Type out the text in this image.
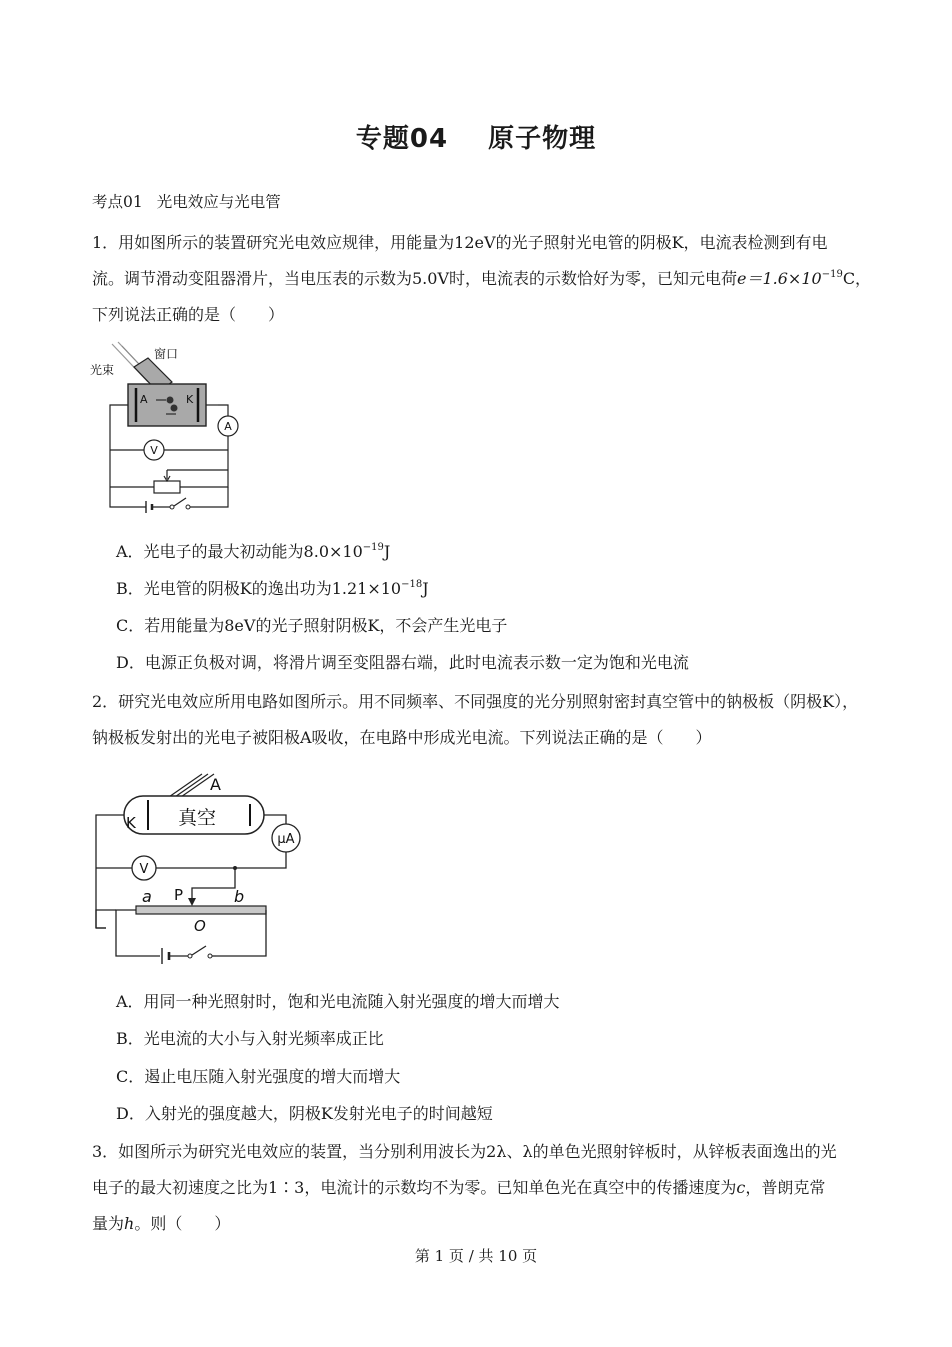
专题04 原子物理
考点01 光电效应与光电管
1．用如图所示的装置研究光电效应规律，用能量为12eV的光子照射光电管的阴极K，电流表检测到有电
流。调节滑动变阻器滑片，当电压表的示数为5.0V时，电流表的示数恰好为零，已知元电荷$e=1.6\times 10^{-19}C$，
下列说法正确的是（　　）
A	K
A
V
光束
窗口
A．光电子的最大初动能为$8.0\times 10^{-19}J$
B．光电管的阴极K的逸出功为$1.21\times 10^{-18}J$
C．若用能量为8eV的光子照射阴极K，不会产生光电子
D．电源正负极对调，将滑片调至变阻器右端，此时电流表示数一定为饱和光电流
2．研究光电效应所用电路如图所示。用不同频率、不同强度的光分别照射密封真空管中的钠极板（阴极K），
钠极板发射出的光电子被阳极A吸收，在电路中形成光电流。下列说法正确的是（　　）
A
K 真空
μA
V
a P	b
O
A．用同一种光照射时，饱和光电流随入射光强度的增大而增大
B．光电流的大小与入射光频率成正比
C．遏止电压随入射光强度的增大而增大
D．入射光的强度越大，阴极K发射光电子的时间越短
3．如图所示为研究光电效应的装置，当分别利用波长为2λ、λ的单色光照射锌板时，从锌板表面逸出的光
电子的最大初速度之比为1∶3，电流计的示数均不为零。已知单色光在真空中的传播速度为c，普朗克常
量为h。则（　　）
第 1 页 / 共 10 页
